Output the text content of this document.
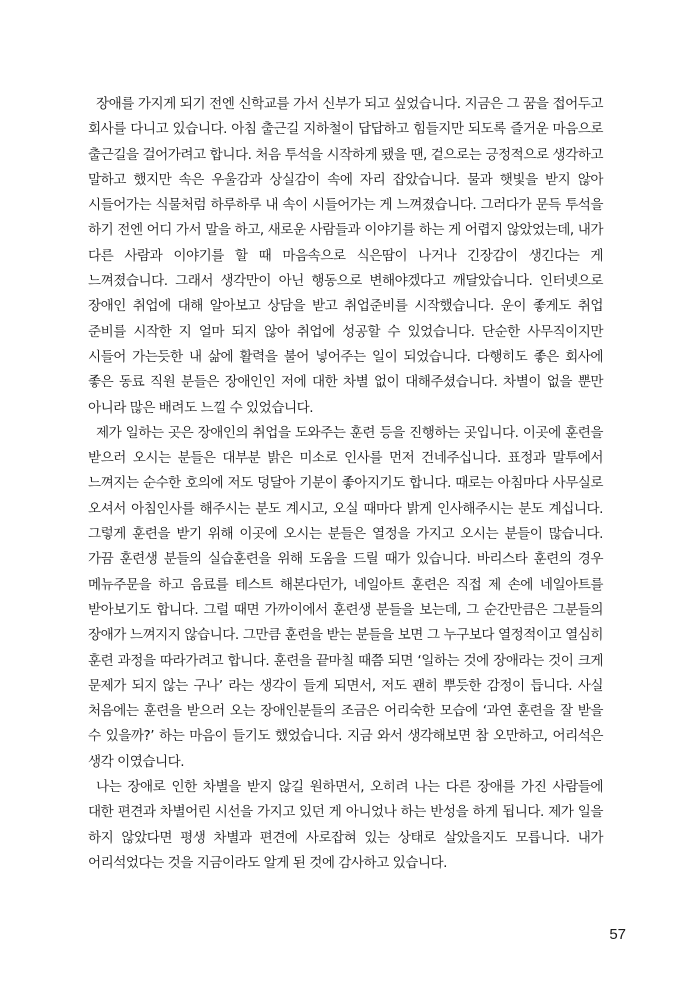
장애를 가지게 되기 전엔 신학교를 가서 신부가 되고 싶었습니다. 지금은 그 꿈을 접어두고 회사를 다니고 있습니다. 아침 출근길 지하철이 답답하고 힘들지만 되도록 즐거운 마음으로 출근길을 걸어가려고 합니다. 처음 투석을 시작하게 됐을 땐, 겉으로는 긍정적으로 생각하고 말하고 했지만 속은 우울감과 상실감이 속에 자리 잡았습니다. 물과 햇빛을 받지 않아 시들어가는 식물처럼 하루하루 내 속이 시들어가는 게 느껴졌습니다. 그러다가 문득 투석을 하기 전엔 어디 가서 말을 하고, 새로운 사람들과 이야기를 하는 게 어렵지 않았었는데, 내가 다른 사람과 이야기를 할 때 마음속으로 식은땀이 나거나 긴장감이 생긴다는 게 느껴졌습니다. 그래서 생각만이 아닌 행동으로 변해야겠다고 깨달았습니다. 인터넷으로 장애인 취업에 대해 알아보고 상담을 받고 취업준비를 시작했습니다. 운이 좋게도 취업 준비를 시작한 지 얼마 되지 않아 취업에 성공할 수 있었습니다. 단순한 사무직이지만 시들어 가는듯한 내 삶에 활력을 불어 넣어주는 일이 되었습니다. 다행히도 좋은 회사에 좋은 동료 직원 분들은 장애인인 저에 대한 차별 없이 대해주셨습니다. 차별이 없을 뿐만 아니라 많은 배려도 느낄 수 있었습니다.

제가 일하는 곳은 장애인의 취업을 도와주는 훈련 등을 진행하는 곳입니다. 이곳에 훈련을 받으러 오시는 분들은 대부분 밝은 미소로 인사를 먼저 건네주십니다. 표정과 말투에서 느껴지는 순수한 호의에 저도 덩달아 기분이 좋아지기도 합니다. 때로는 아침마다 사무실로 오셔서 아침인사를 해주시는 분도 계시고, 오실 때마다 밝게 인사해주시는 분도 계십니다. 그렇게 훈련을 받기 위해 이곳에 오시는 분들은 열정을 가지고 오시는 분들이 많습니다. 가끔 훈련생 분들의 실습훈련을 위해 도움을 드릴 때가 있습니다. 바리스타 훈련의 경우 메뉴주문을 하고 음료를 테스트 해본다던가, 네일아트 훈련은 직접 제 손에 네일아트를 받아보기도 합니다. 그럴 때면 가까이에서 훈련생 분들을 보는데, 그 순간만큼은 그분들의 장애가 느껴지지 않습니다. 그만큼 훈련을 받는 분들을 보면 그 누구보다 열정적이고 열심히 훈련 과정을 따라가려고 합니다. 훈련을 끝마칠 때쯤 되면 ‘일하는 것에 장애라는 것이 크게 문제가 되지 않는 구나’ 라는 생각이 들게 되면서, 저도 괜히 뿌듯한 감정이 듭니다. 사실 처음에는 훈련을 받으러 오는 장애인분들의 조금은 어리숙한 모습에 ‘과연 훈련을 잘 받을 수 있을까?’ 하는 마음이 들기도 했었습니다. 지금 와서 생각해보면 참 오만하고, 어리석은 생각 이였습니다.

나는 장애로 인한 차별을 받지 않길 원하면서, 오히려 나는 다른 장애를 가진 사람들에 대한 편견과 차별어린 시선을 가지고 있던 게 아니었나 하는 반성을 하게 됩니다. 제가 일을 하지 않았다면 평생 차별과 편견에 사로잡혀 있는 상태로 살았을지도 모릅니다. 내가 어리석었다는 것을 지금이라도 알게 된 것에 감사하고 있습니다.

57
